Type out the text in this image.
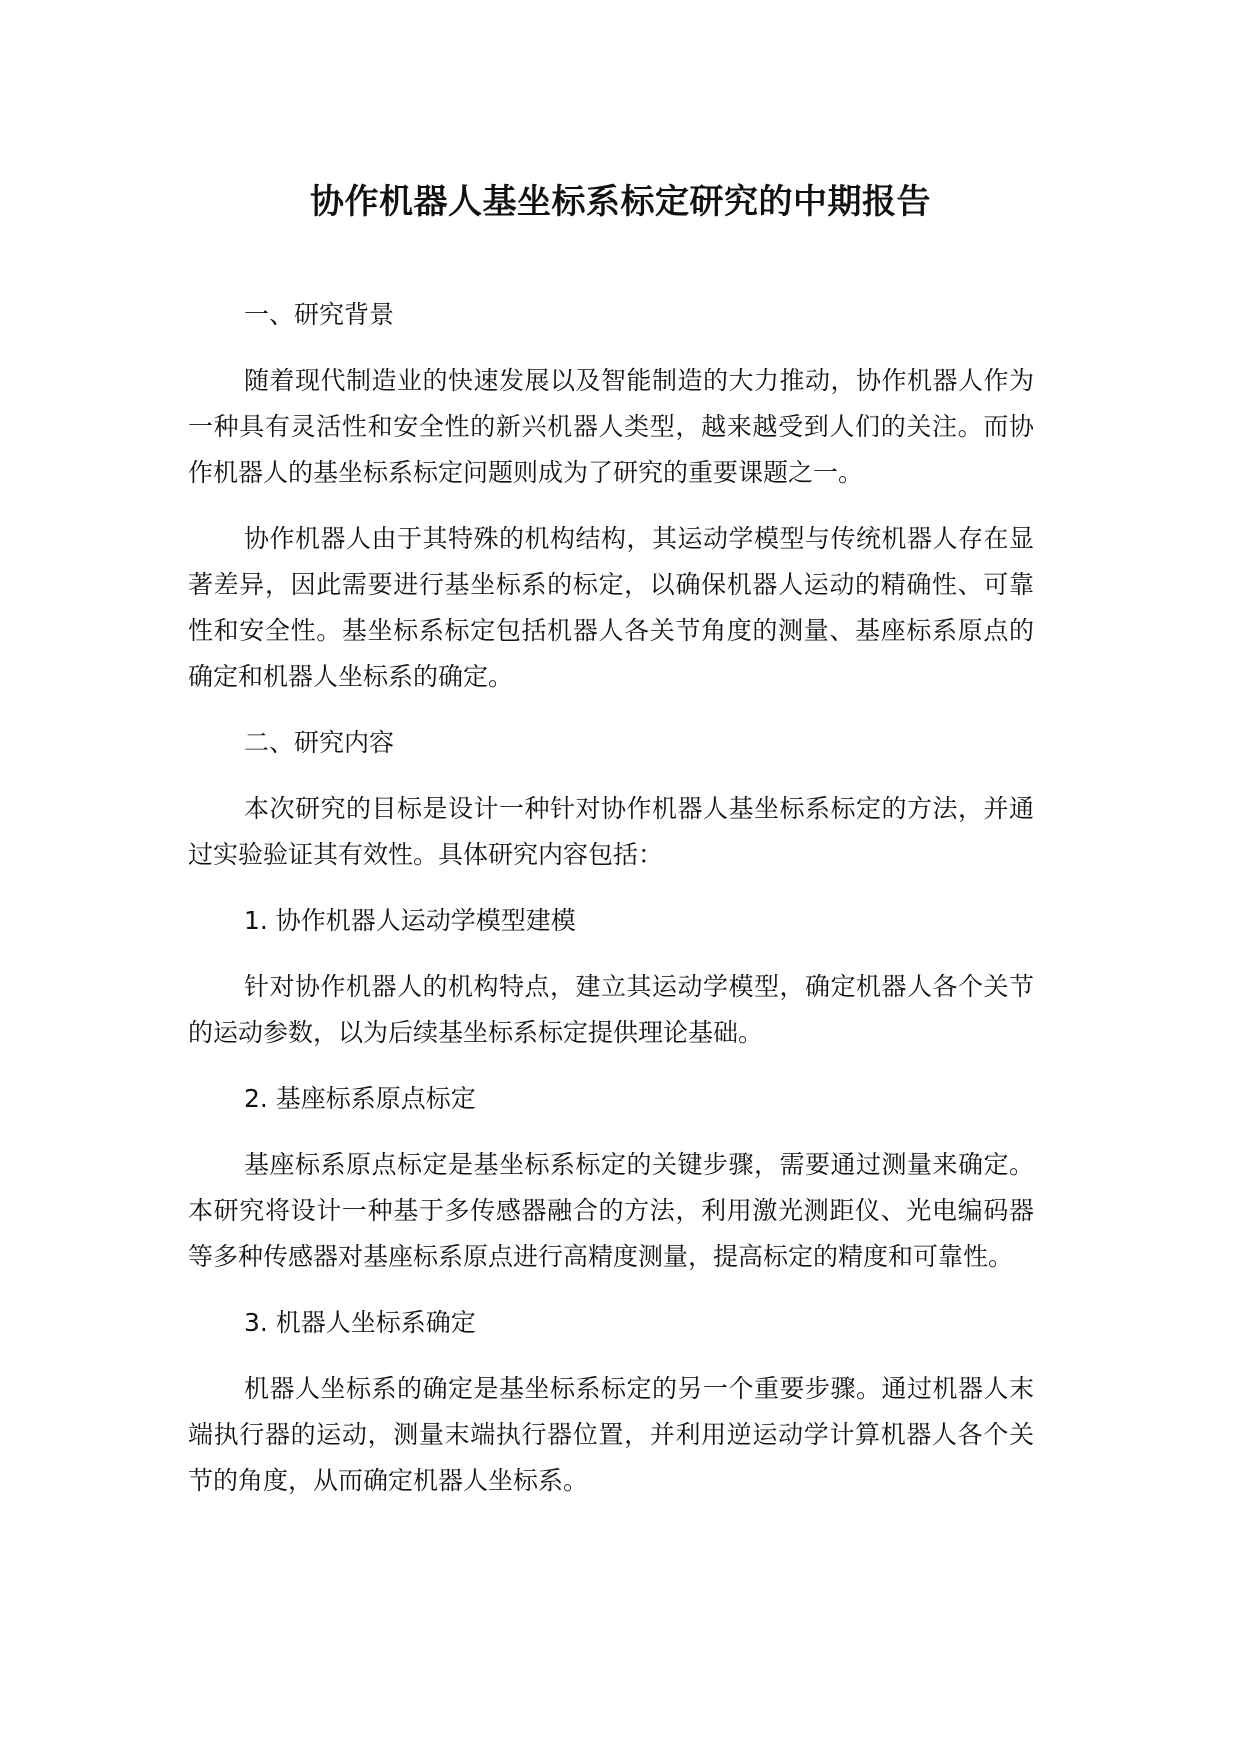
协作机器人基坐标系标定研究的中期报告

一、研究背景

随着现代制造业的快速发展以及智能制造的大力推动，协作机器人作为一种具有灵活性和安全性的新兴机器人类型，越来越受到人们的关注。而协作机器人的基坐标系标定问题则成为了研究的重要课题之一。

协作机器人由于其特殊的机构结构，其运动学模型与传统机器人存在显著差异，因此需要进行基坐标系的标定，以确保机器人运动的精确性、可靠性和安全性。基坐标系标定包括机器人各关节角度的测量、基座标系原点的确定和机器人坐标系的确定。

二、研究内容

本次研究的目标是设计一种针对协作机器人基坐标系标定的方法，并通过实验验证其有效性。具体研究内容包括：

1. 协作机器人运动学模型建模

针对协作机器人的机构特点，建立其运动学模型，确定机器人各个关节的运动参数，以为后续基坐标系标定提供理论基础。

2. 基座标系原点标定

基座标系原点标定是基坐标系标定的关键步骤，需要通过测量来确定。本研究将设计一种基于多传感器融合的方法，利用激光测距仪、光电编码器等多种传感器对基座标系原点进行高精度测量，提高标定的精度和可靠性。

3. 机器人坐标系确定

机器人坐标系的确定是基坐标系标定的另一个重要步骤。通过机器人末端执行器的运动，测量末端执行器位置，并利用逆运动学计算机器人各个关节的角度，从而确定机器人坐标系。
